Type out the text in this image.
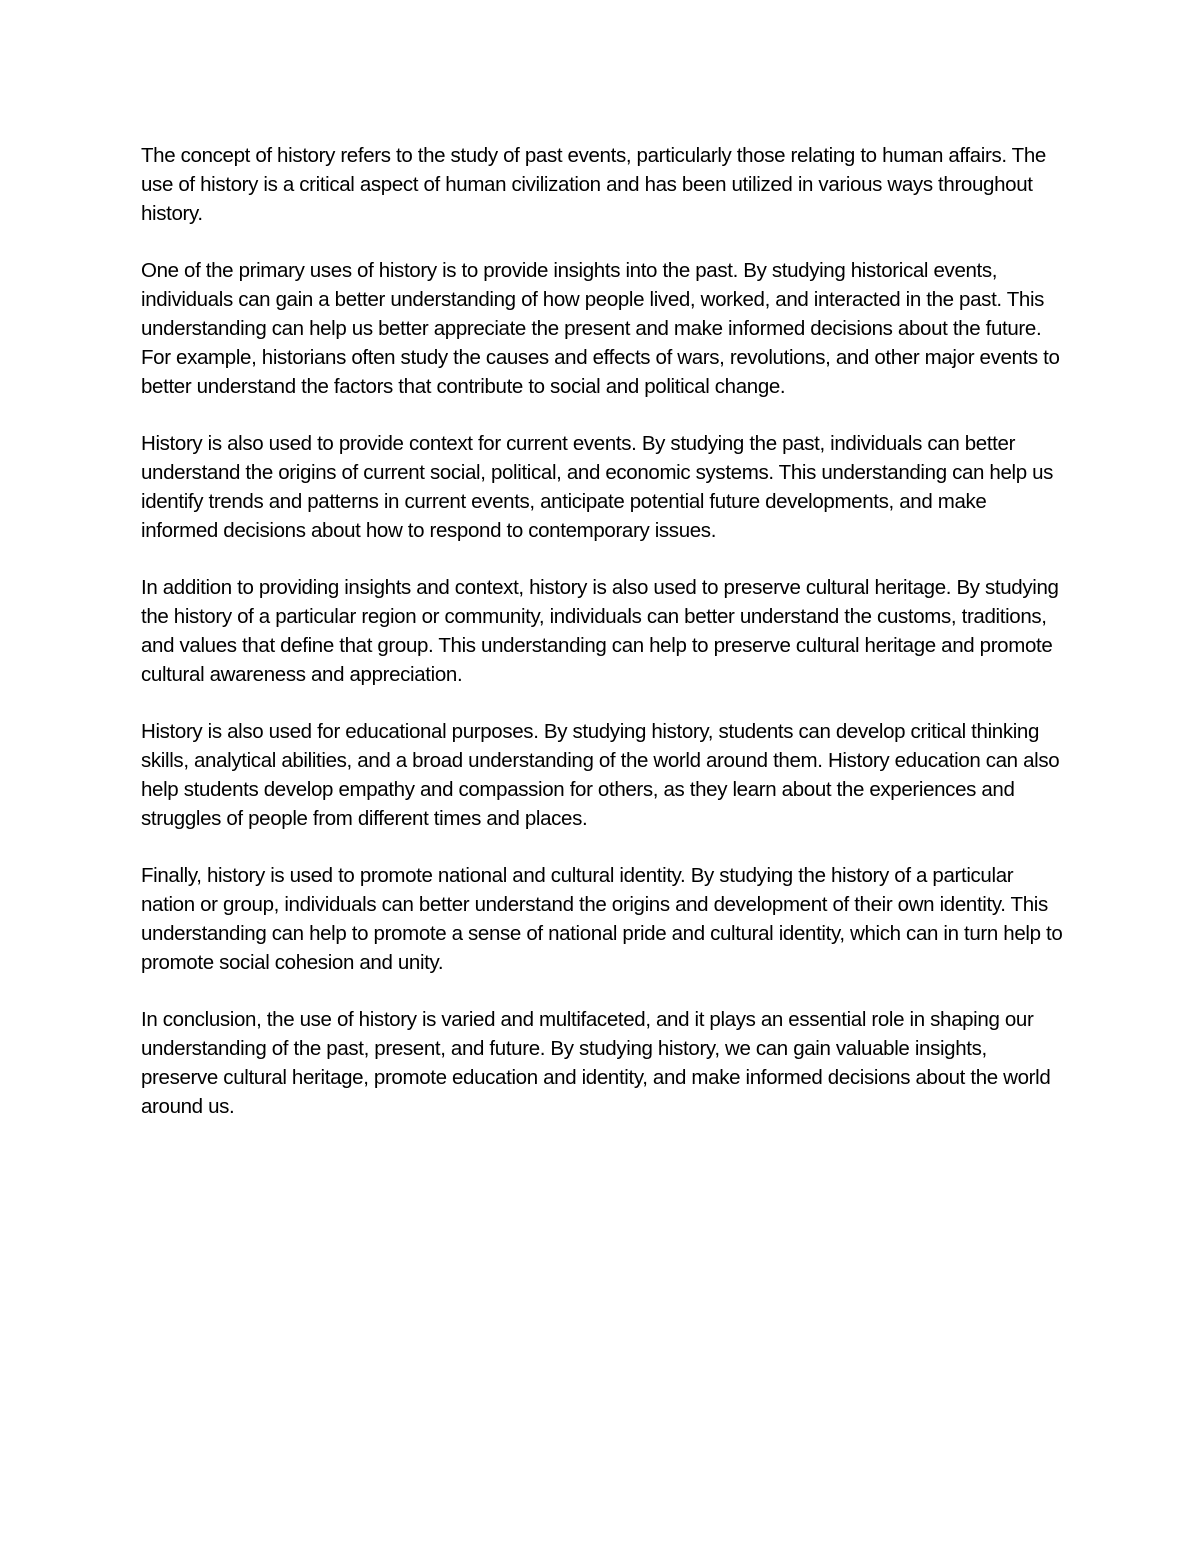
The concept of history refers to the study of past events, particularly those relating to human affairs. The use of history is a critical aspect of human civilization and has been utilized in various ways throughout history.

One of the primary uses of history is to provide insights into the past. By studying historical events, individuals can gain a better understanding of how people lived, worked, and interacted in the past. This understanding can help us better appreciate the present and make informed decisions about the future. For example, historians often study the causes and effects of wars, revolutions, and other major events to better understand the factors that contribute to social and political change.

History is also used to provide context for current events. By studying the past, individuals can better understand the origins of current social, political, and economic systems. This understanding can help us identify trends and patterns in current events, anticipate potential future developments, and make informed decisions about how to respond to contemporary issues.

In addition to providing insights and context, history is also used to preserve cultural heritage. By studying the history of a particular region or community, individuals can better understand the customs, traditions, and values that define that group. This understanding can help to preserve cultural heritage and promote cultural awareness and appreciation.

History is also used for educational purposes. By studying history, students can develop critical thinking skills, analytical abilities, and a broad understanding of the world around them. History education can also help students develop empathy and compassion for others, as they learn about the experiences and struggles of people from different times and places.

Finally, history is used to promote national and cultural identity. By studying the history of a particular nation or group, individuals can better understand the origins and development of their own identity. This understanding can help to promote a sense of national pride and cultural identity, which can in turn help to promote social cohesion and unity.

In conclusion, the use of history is varied and multifaceted, and it plays an essential role in shaping our understanding of the past, present, and future. By studying history, we can gain valuable insights, preserve cultural heritage, promote education and identity, and make informed decisions about the world around us.
